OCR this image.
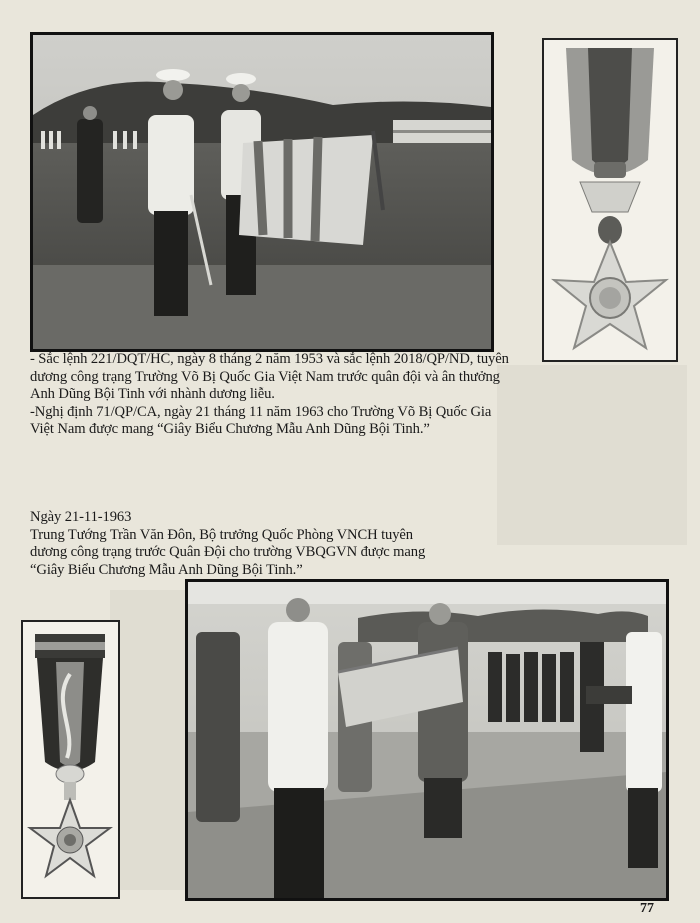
- Sắc lệnh 221/DQT/HC, ngày 8 tháng 2 năm 1953 và sắc lệnh 2018/QP/ND, tuyên

dương công trạng Trường Võ Bị Quốc Gia Việt Nam trước quân đội và ân thưởng

Anh Dũng Bội Tinh với nhành dương liễu.

-Nghị định 71/QP/CA, ngày 21 tháng 11 năm 1963 cho Trường Võ Bị Quốc Gia

Việt Nam được mang “Giây Biểu Chương Mẫu Anh Dũng Bội Tinh.”

Ngày 21-11-1963

Trung Tướng Trần Văn Đôn, Bộ trưởng Quốc Phòng VNCH tuyên

dương công trạng trước Quân Đội cho trường VBQGVN được mang

“Giây Biểu Chương Mẫu Anh Dũng Bội Tinh.”

77
